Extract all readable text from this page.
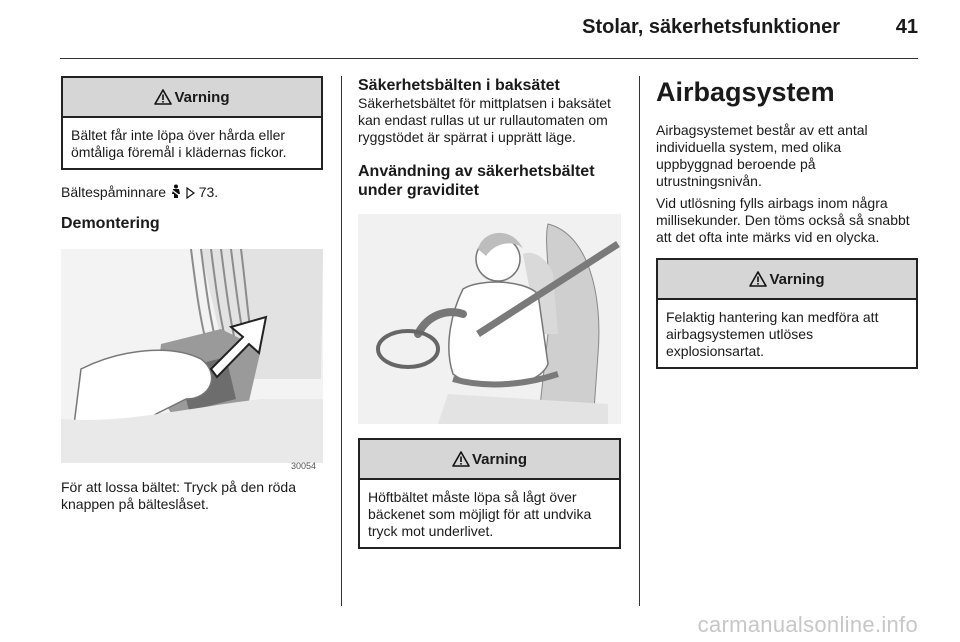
Stolar, säkerhetsfunktioner	41
Varning
Bältet får inte löpa över hårda eller ömtåliga föremål i klädernas fickor.

Bältespåminnare 73.

Demontering

30054

För att lossa bältet: Tryck på den röda knappen på bälteslåset.

Säkerhetsbälten i baksätet

Säkerhetsbältet för mittplatsen i baksätet kan endast rullas ut ur rullautomaten om ryggstödet är spärrat i upprätt läge.

Användning av säkerhetsbältet under graviditet

Varning
Höftbältet måste löpa så lågt över bäckenet som möjligt för att undvika tryck mot underlivet.

Airbagsystem

Airbagsystemet består av ett antal individuella system, med olika uppbyggnad beroende på utrustningsnivån.

Vid utlösning fylls airbags inom några millisekunder. Den töms också så snabbt att det ofta inte märks vid en olycka.

Varning
Felaktig hantering kan medföra att airbagsystemen utlöses explosionsartat.
carmanualsonline.info
